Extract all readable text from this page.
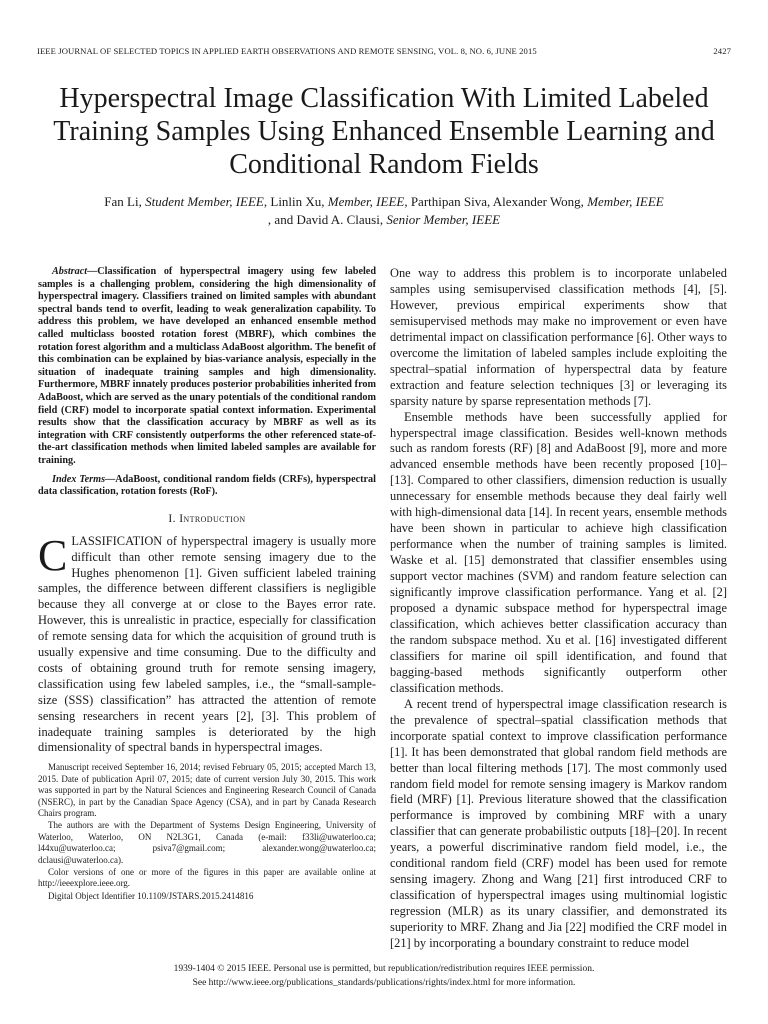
IEEE JOURNAL OF SELECTED TOPICS IN APPLIED EARTH OBSERVATIONS AND REMOTE SENSING, VOL. 8, NO. 6, JUNE 2015	2427
Hyperspectral Image Classification With Limited Labeled Training Samples Using Enhanced Ensemble Learning and Conditional Random Fields
Fan Li, Student Member, IEEE, Linlin Xu, Member, IEEE, Parthipan Siva, Alexander Wong, Member, IEEE
, and David A. Clausi, Senior Member, IEEE

Abstract—Classification of hyperspectral imagery using few labeled samples is a challenging problem, considering the high dimensionality of hyperspectral imagery. Classifiers trained on limited samples with abundant spectral bands tend to overfit, leading to weak generalization capability. To address this problem, we have developed an enhanced ensemble method called multiclass boosted rotation forest (MBRF), which combines the rotation forest algorithm and a multiclass AdaBoost algorithm. The benefit of this combination can be explained by bias-variance analysis, especially in the situation of inadequate training samples and high dimensionality. Furthermore, MBRF innately produces posterior probabilities inherited from AdaBoost, which are served as the unary potentials of the conditional random field (CRF) model to incorporate spatial context information. Experimental results show that the classification accuracy by MBRF as well as its integration with CRF consistently outperforms the other referenced state-of-the-art classification methods when limited labeled samples are available for training.

Index Terms—AdaBoost, conditional random fields (CRFs), hyperspectral data classification, rotation forests (RoF).

I. Introduction

CLASSIFICATION of hyperspectral imagery is usually more difficult than other remote sensing imagery due to the Hughes phenomenon [1]. Given sufficient labeled training samples, the difference between different classifiers is negligible because they all converge at or close to the Bayes error rate. However, this is unrealistic in practice, especially for classification of remote sensing data for which the acquisition of ground truth is usually expensive and time consuming. Due to the difficulty and costs of obtaining ground truth for remote sensing imagery, classification using few labeled samples, i.e., the “small-sample-size (SSS) classification” has attracted the attention of remote sensing researchers in recent years [2], [3]. This problem of inadequate training samples is deteriorated by the high dimensionality of spectral bands in hyperspectral images.

Manuscript received September 16, 2014; revised February 05, 2015; accepted March 13, 2015. Date of publication April 07, 2015; date of current version July 30, 2015. This work was supported in part by the Natural Sciences and Engineering Research Council of Canada (NSERC), in part by the Canadian Space Agency (CSA), and in part by Canada Research Chairs program.

The authors are with the Department of Systems Design Engineering, University of Waterloo, Waterloo, ON N2L3G1, Canada (e-mail: f33li@uwaterloo.ca; l44xu@uwaterloo.ca; psiva7@gmail.com; alexander.wong@uwaterloo.ca; dclausi@uwaterloo.ca).

Color versions of one or more of the figures in this paper are available online at http://ieeexplore.ieee.org.

Digital Object Identifier 10.1109/JSTARS.2015.2414816

One way to address this problem is to incorporate unlabeled samples using semisupervised classification methods [4], [5]. However, previous empirical experiments show that semisupervised methods may make no improvement or even have detrimental impact on classification performance [6]. Other ways to overcome the limitation of labeled samples include exploiting the spectral–spatial information of hyperspectral data by feature extraction and feature selection techniques [3] or leveraging its sparsity nature by sparse representation methods [7].

Ensemble methods have been successfully applied for hyperspectral image classification. Besides well-known methods such as random forests (RF) [8] and AdaBoost [9], more and more advanced ensemble methods have been recently proposed [10]–[13]. Compared to other classifiers, dimension reduction is usually unnecessary for ensemble methods because they deal fairly well with high-dimensional data [14]. In recent years, ensemble methods have been shown in particular to achieve high classification performance when the number of training samples is limited. Waske et al. [15] demonstrated that classifier ensembles using support vector machines (SVM) and random feature selection can significantly improve classification performance. Yang et al. [2] proposed a dynamic subspace method for hyperspectral image classification, which achieves better classification accuracy than the random subspace method. Xu et al. [16] investigated different classifiers for marine oil spill identification, and found that bagging-based methods significantly outperform other classification methods.

A recent trend of hyperspectral image classification research is the prevalence of spectral–spatial classification methods that incorporate spatial context to improve classification performance [1]. It has been demonstrated that global random field methods are better than local filtering methods [17]. The most commonly used random field model for remote sensing imagery is Markov random field (MRF) [1]. Previous literature showed that the classification performance is improved by combining MRF with a unary classifier that can generate probabilistic outputs [18]–[20]. In recent years, a powerful discriminative random field model, i.e., the conditional random field (CRF) model has been used for remote sensing imagery. Zhong and Wang [21] first introduced CRF to classification of hyperspectral images using multinomial logistic regression (MLR) as its unary classifier, and demonstrated its superiority to MRF. Zhang and Jia [22] modified the CRF model in [21] by incorporating a boundary constraint to reduce model

1939-1404 © 2015 IEEE. Personal use is permitted, but republication/redistribution requires IEEE permission.
See http://www.ieee.org/publications_standards/publications/rights/index.html for more information.
